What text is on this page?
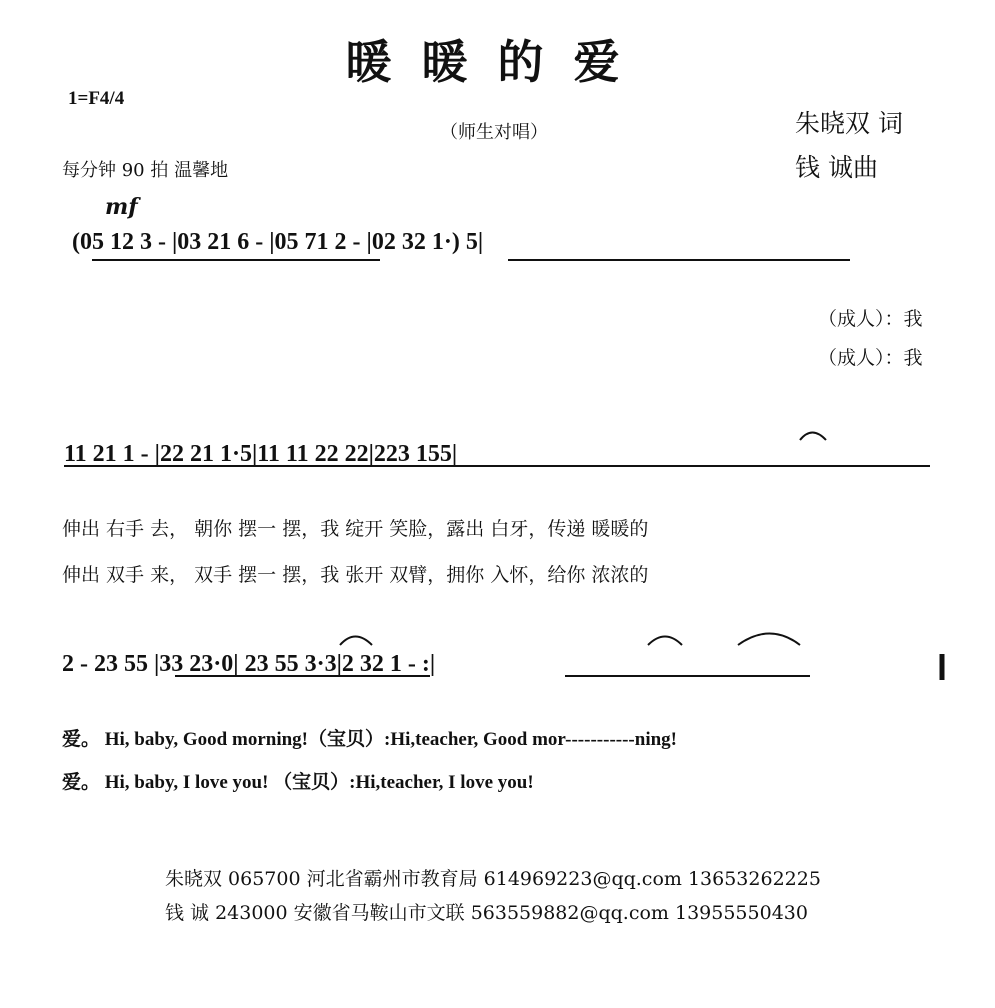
暖暖的爱
1=F4/4
（师生对唱）	朱晓双 词
钱 诚曲
每分钟 90 拍 温馨地
mf
(05 12 3 - |03 21 6 - |05 71 2 - |02 32 1·) 5|
（成人）：我
（成人）：我
11 21 1 - |22 21 1·5|11 11 22 22|223 155|
伸出 右手 去， 朝你 摆一 摆，我 绽开 笑脸，露出 白牙，传递 暖暖的
伸出 双手 来， 双手 摆一 摆，我 张开 双臂，拥你 入怀，给你 浓浓的
2 - 23 55 |33 23·0| 23 55 3·3|2 32 1 - :|
爱。 Hi, baby, Good morning!（宝贝）:Hi,teacher, Good mor-----------ning!
爱。 Hi, baby, I love you! （宝贝）:Hi,teacher, I love you!
朱晓双 065700 河北省霸州市教育局 614969223@qq.com 13653262225
钱 诚 243000 安徽省马鞍山市文联 563559882@qq.com 13955550430
